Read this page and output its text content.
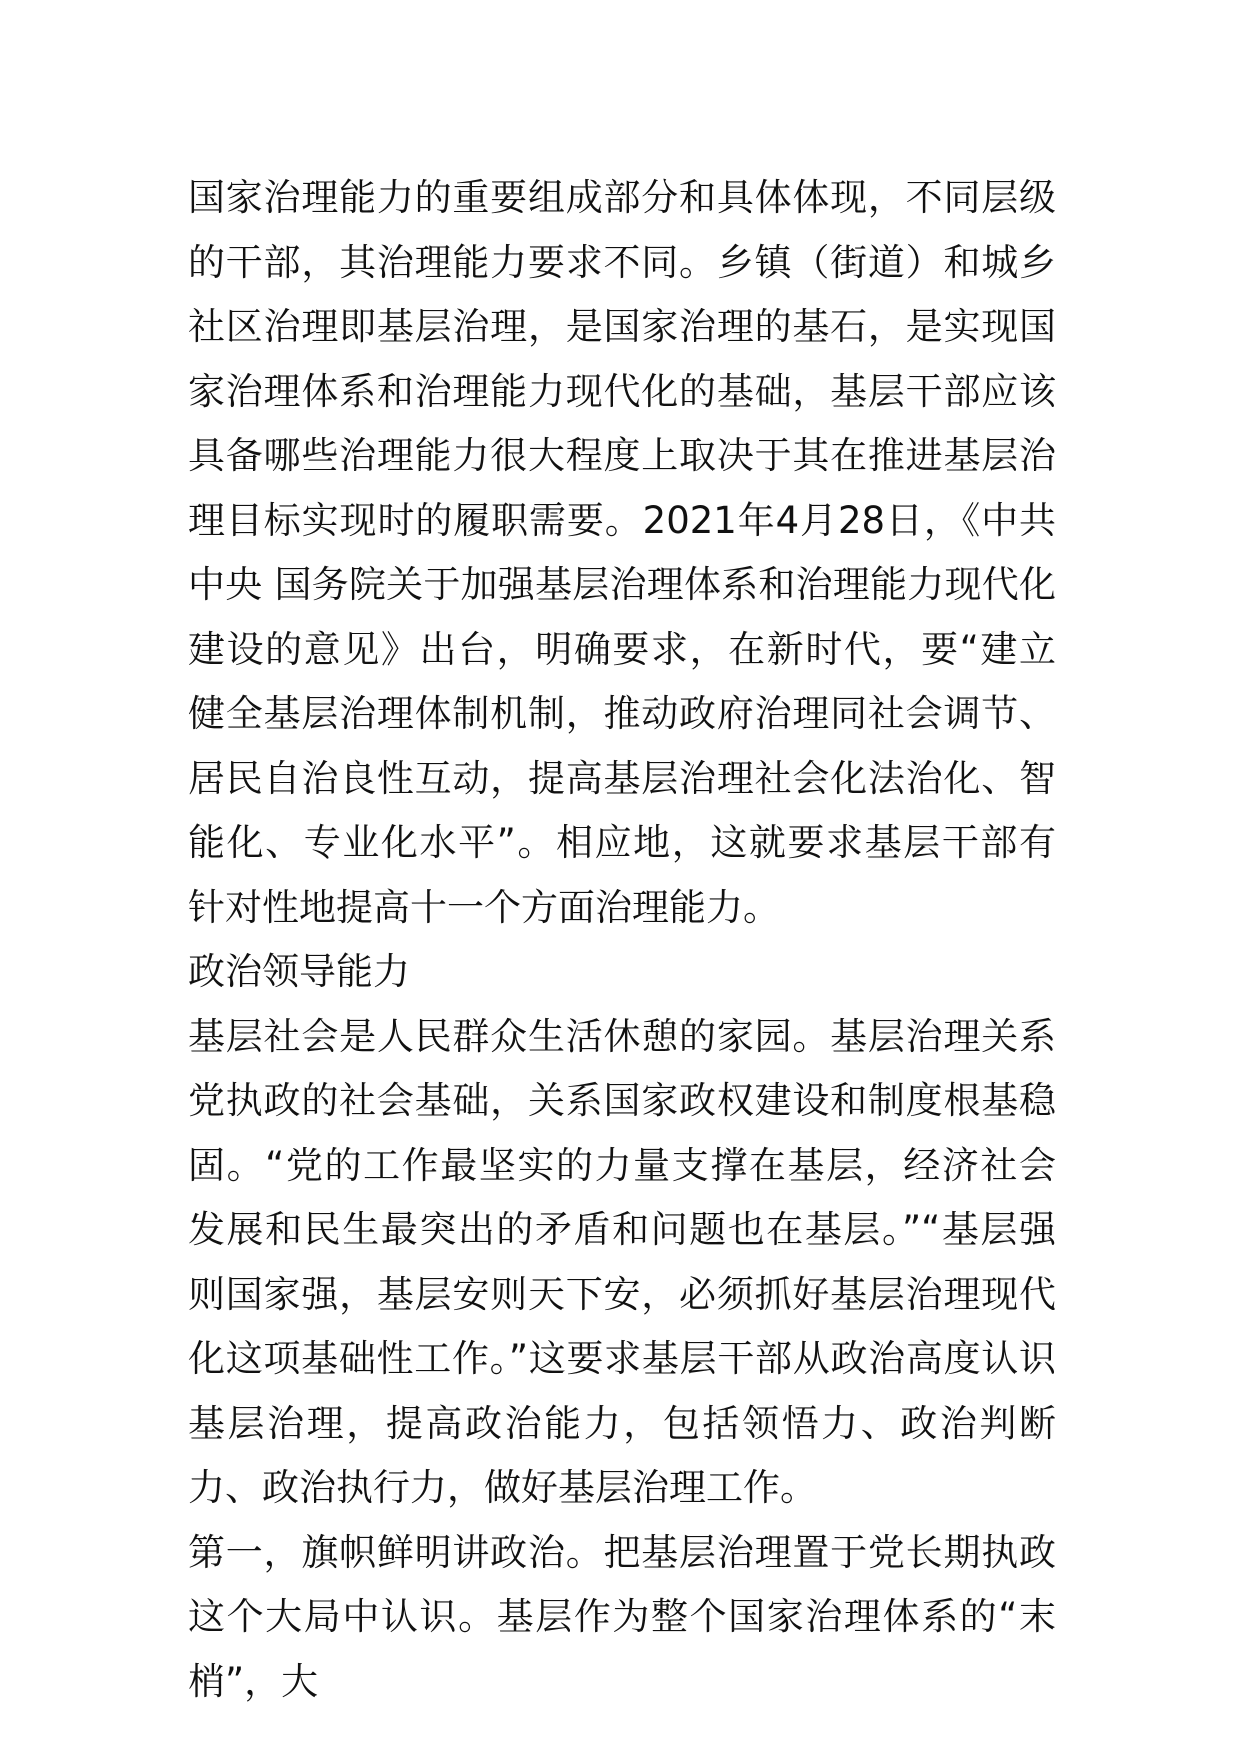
国家治理能力的重要组成部分和具体体现，不同层级的干部，其治理能力要求不同。乡镇（街道）和城乡社区治理即基层治理，是国家治理的基石，是实现国家治理体系和治理能力现代化的基础，基层干部应该具备哪些治理能力很大程度上取决于其在推进基层治理目标实现时的履职需要。2021年4月28日，《中共中央 国务院关于加强基层治理体系和治理能力现代化建设的意见》出台，明确要求，在新时代，要“建立健全基层治理体制机制，推动政府治理同社会调节、居民自治良性互动，提高基层治理社会化法治化、智能化、专业化水平”。相应地，这就要求基层干部有针对性地提高十一个方面治理能力。

政治领导能力

基层社会是人民群众生活休憩的家园。基层治理关系党执政的社会基础，关系国家政权建设和制度根基稳固。“党的工作最坚实的力量支撑在基层，经济社会发展和民生最突出的矛盾和问题也在基层。”“基层强则国家强，基层安则天下安，必须抓好基层治理现代化这项基础性工作。”这要求基层干部从政治高度认识基层治理，提高政治能力，包括领悟力、政治判断力、政治执行力，做好基层治理工作。

第一，旗帜鲜明讲政治。把基层治理置于党长期执政这个大局中认识。基层作为整个国家治理体系的“末梢”，大
